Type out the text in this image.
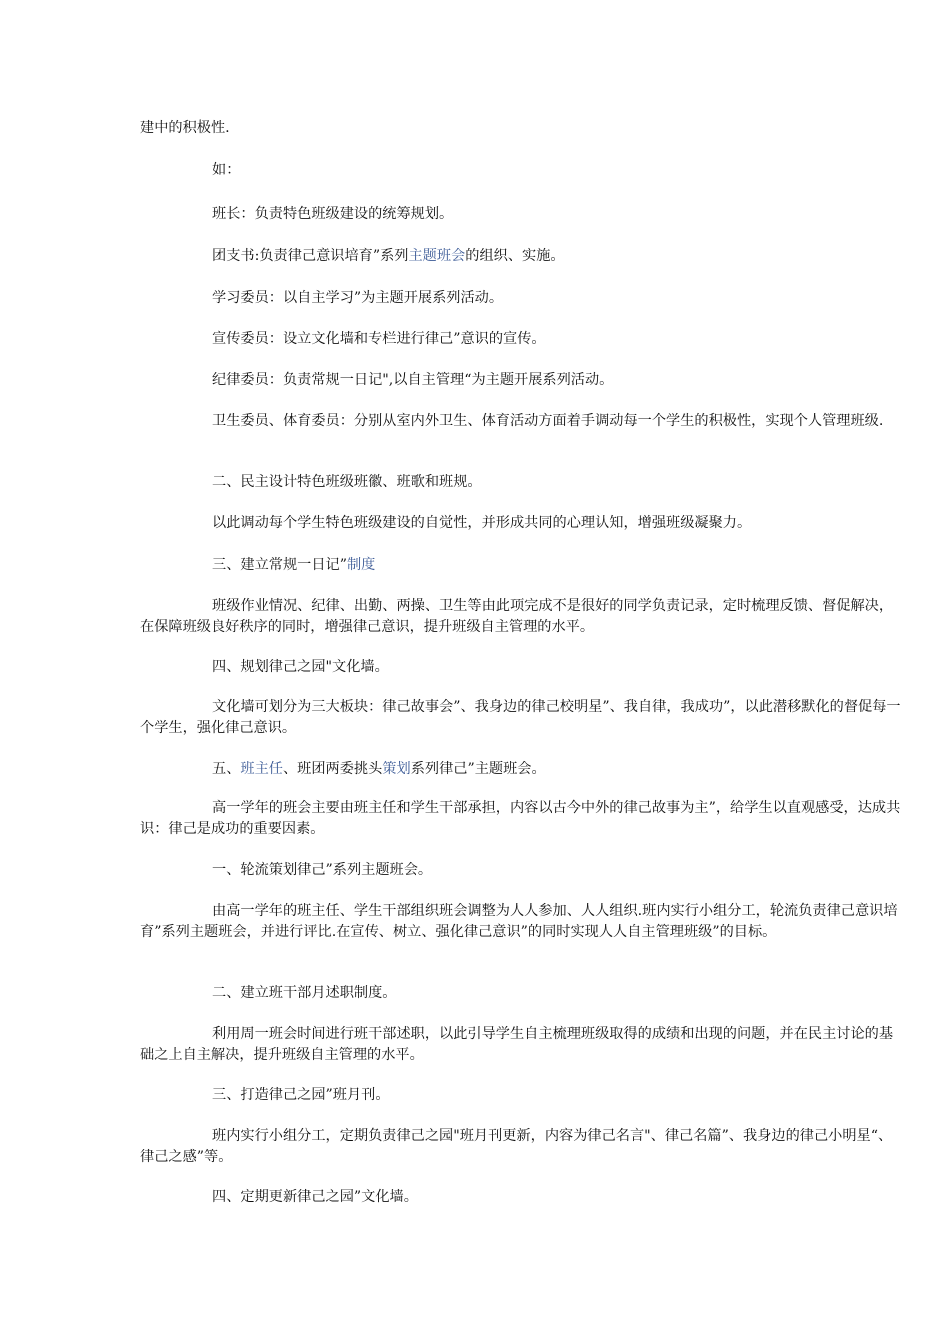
建中的积极性.

如：

班长：负责特色班级建设的统筹规划。

团支书:负责律己意识培育”系列主题班会的组织、实施。

学习委员：以自主学习”为主题开展系列活动。

宣传委员：设立文化墙和专栏进行律己”意识的宣传。

纪律委员：负责常规一日记",以自主管理“为主题开展系列活动。

卫生委员、体育委员：分别从室内外卫生、体育活动方面着手调动每一个学生的积极性，实现个人管理班级.

二、民主设计特色班级班徽、班歌和班规。

以此调动每个学生特色班级建设的自觉性，并形成共同的心理认知，增强班级凝聚力。

三、建立常规一日记”制度

班级作业情况、纪律、出勤、两操、卫生等由此项完成不是很好的同学负责记录，定时梳理反馈、督促解决，在保障班级良好秩序的同时，增强律己意识，提升班级自主管理的水平。

四、规划律己之园"文化墙。

文化墙可划分为三大板块：律己故事会”、我身边的律己校明星”、我自律，我成功”，以此潜移默化的督促每一个学生，强化律己意识。

五、班主任、班团两委挑头策划系列律己”主题班会。

高一学年的班会主要由班主任和学生干部承担，内容以古今中外的律己故事为主”，给学生以直观感受，达成共识：律己是成功的重要因素。

一、轮流策划律己”系列主题班会。

由高一学年的班主任、学生干部组织班会调整为人人参加、人人组织.班内实行小组分工，轮流负责律己意识培育”系列主题班会，并进行评比.在宣传、树立、强化律己意识”的同时实现人人自主管理班级”的目标。

二、建立班干部月述职制度。

利用周一班会时间进行班干部述职，以此引导学生自主梳理班级取得的成绩和出现的问题，并在民主讨论的基础之上自主解决，提升班级自主管理的水平。

三、打造律己之园”班月刊。

班内实行小组分工，定期负责律己之园"班月刊更新，内容为律己名言"、律己名篇”、我身边的律己小明星“、律己之感”等。

四、定期更新律己之园”文化墙。
